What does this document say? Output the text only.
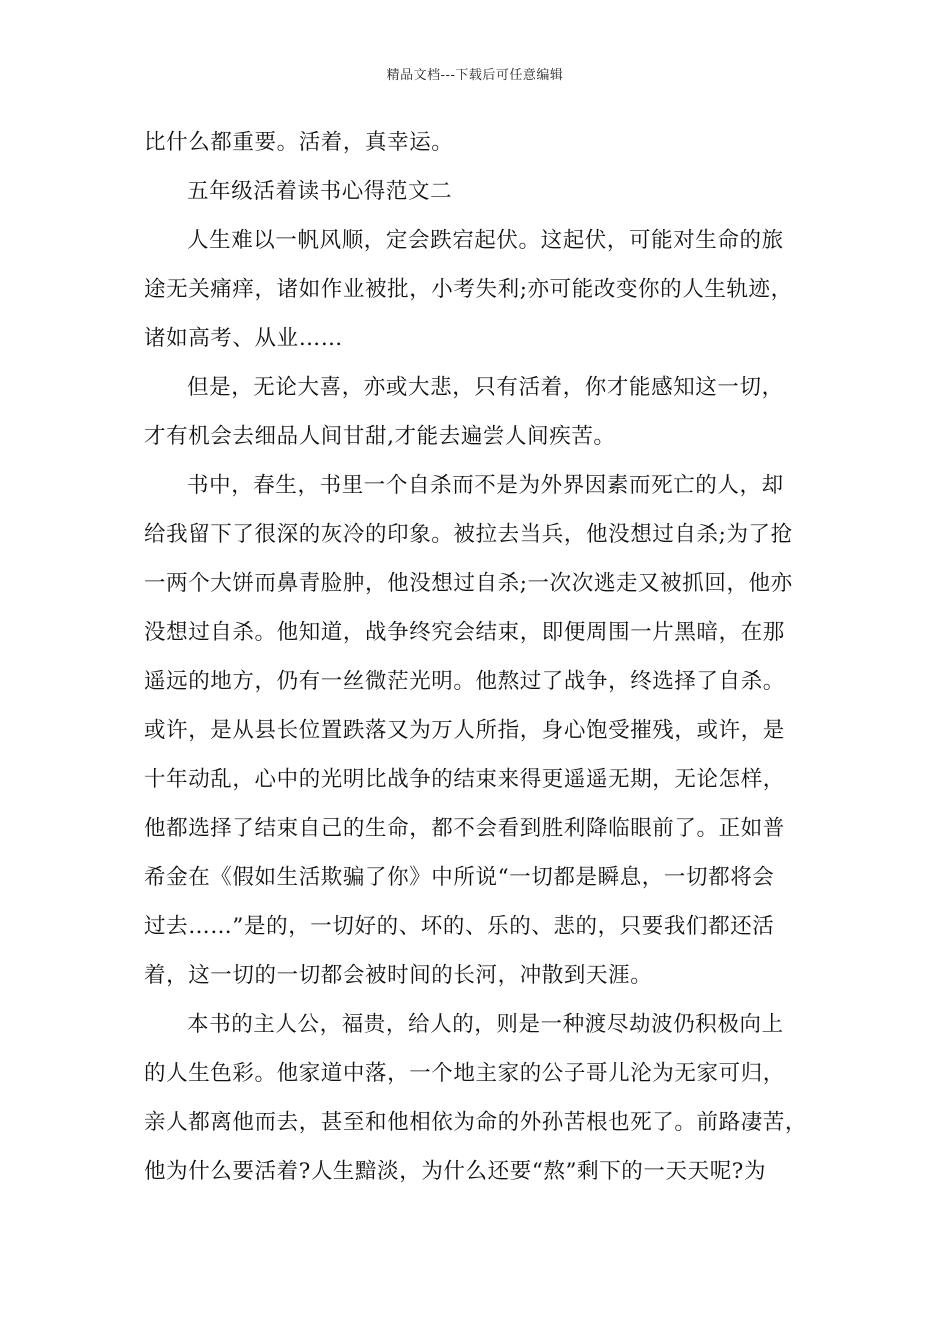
精品文档---下载后可任意编辑
比什么都重要。活着，真幸运。
五年级活着读书心得范文二
人生难以一帆风顺，定会跌宕起伏。这起伏，可能对生命的旅
途无关痛痒，诸如作业被批，小考失利;亦可能改变你的人生轨迹，
诸如高考、从业……
但是，无论大喜，亦或大悲，只有活着，你才能感知这一切，
才有机会去细品人间甘甜,才能去遍尝人间疾苦。
书中，春生，书里一个自杀而不是为外界因素而死亡的人，却
给我留下了很深的灰冷的印象。被拉去当兵，他没想过自杀;为了抢
一两个大饼而鼻青脸肿，他没想过自杀;一次次逃走又被抓回，他亦
没想过自杀。他知道，战争终究会结束，即便周围一片黑暗，在那
遥远的地方，仍有一丝微茫光明。他熬过了战争，终选择了自杀。
或许，是从县长位置跌落又为万人所指，身心饱受摧残，或许，是
十年动乱，心中的光明比战争的结束来得更遥遥无期，无论怎样，
他都选择了结束自己的生命，都不会看到胜利降临眼前了。正如普
希金在《假如生活欺骗了你》中所说“一切都是瞬息，一切都将会
过去……”是的，一切好的、坏的、乐的、悲的，只要我们都还活
着，这一切的一切都会被时间的长河，冲散到天涯。
本书的主人公，福贵，给人的，则是一种渡尽劫波仍积极向上
的人生色彩。他家道中落，一个地主家的公子哥儿沦为无家可归，
亲人都离他而去，甚至和他相依为命的外孙苦根也死了。前路凄苦，
他为什么要活着?人生黯淡，为什么还要“熬”剩下的一天天呢?为
